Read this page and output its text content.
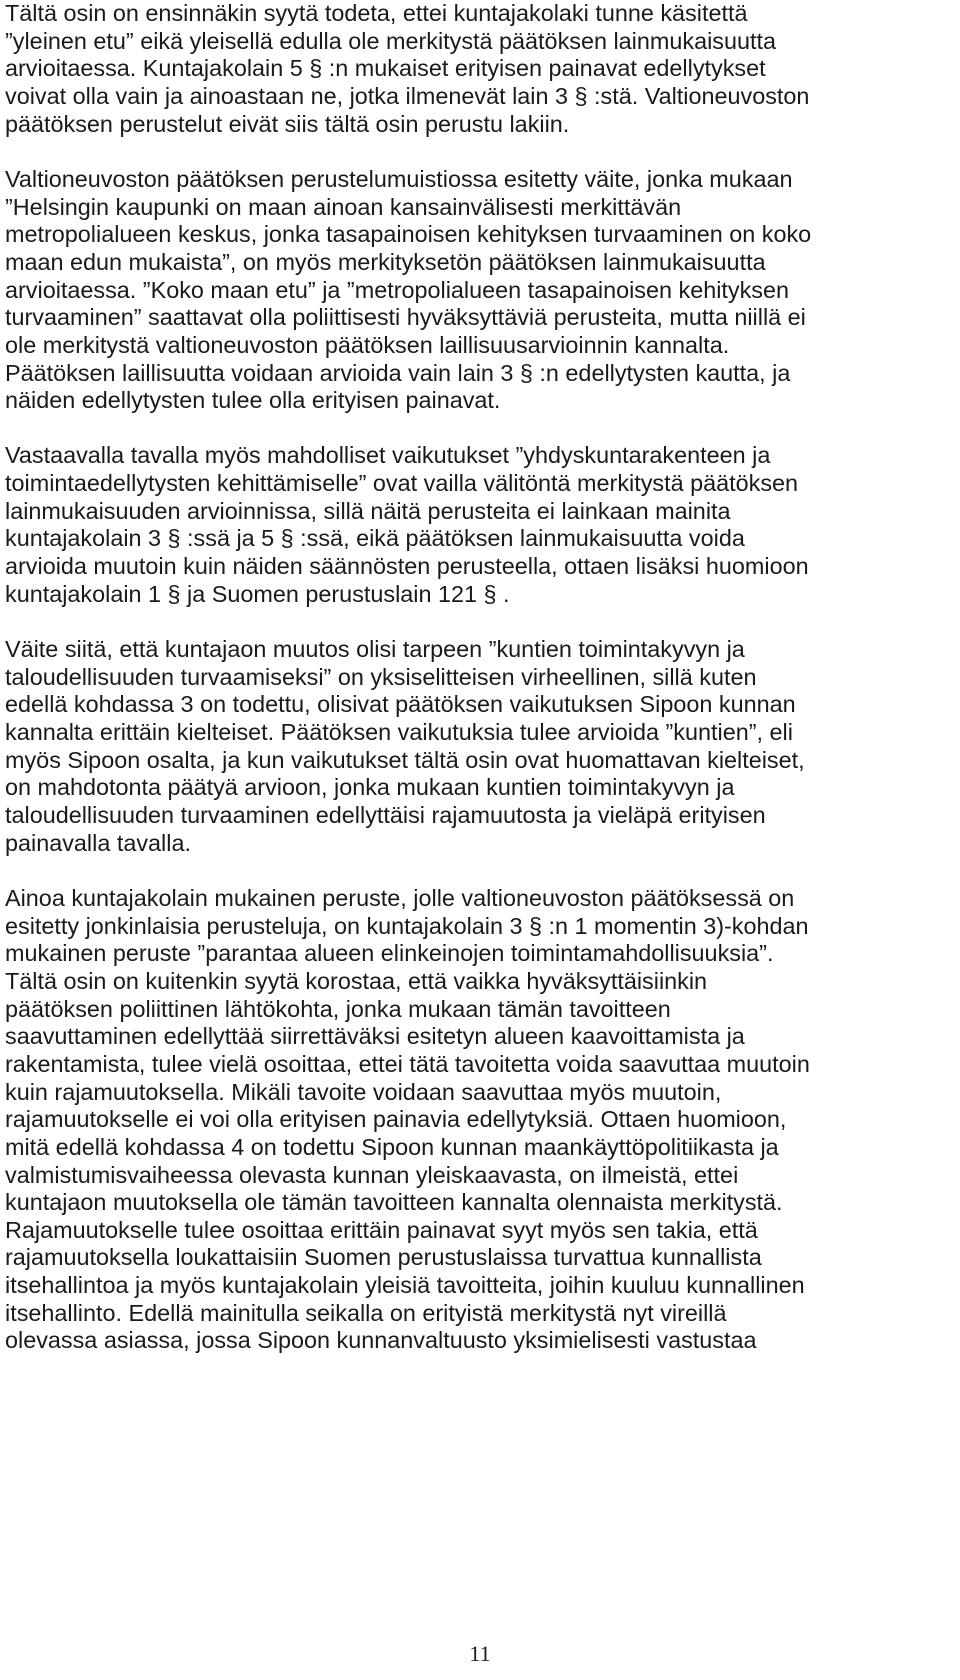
Tältä osin on ensinnäkin syytä todeta, ettei kuntajakolaki tunne käsitettä
”yleinen etu” eikä yleisellä edulla ole merkitystä päätöksen lainmukaisuutta
arvioitaessa. Kuntajakolain 5 § :n mukaiset erityisen painavat edellytykset
voivat olla vain ja ainoastaan ne, jotka ilmenevät lain 3 § :stä. Valtioneuvoston
päätöksen perustelut eivät siis tältä osin perustu lakiin.

Valtioneuvoston päätöksen perustelumuistiossa esitetty väite, jonka mukaan
”Helsingin kaupunki on maan ainoan kansainvälisesti merkittävän
metropolialueen keskus, jonka tasapainoisen kehityksen turvaaminen on koko
maan edun mukaista”, on myös merkityksetön päätöksen lainmukaisuutta
arvioitaessa. ”Koko maan etu” ja ”metropolialueen tasapainoisen kehityksen
turvaaminen” saattavat olla poliittisesti hyväksyttäviä perusteita, mutta niillä ei
ole merkitystä valtioneuvoston päätöksen laillisuusarvioinnin kannalta.
Päätöksen laillisuutta voidaan arvioida vain lain 3 § :n edellytysten kautta, ja
näiden edellytysten tulee olla erityisen painavat.

Vastaavalla tavalla myös mahdolliset vaikutukset ”yhdyskuntarakenteen ja
toimintaedellytysten kehittämiselle” ovat vailla välitöntä merkitystä päätöksen
lainmukaisuuden arvioinnissa, sillä näitä perusteita ei lainkaan mainita
kuntajakolain 3 § :ssä ja 5 § :ssä, eikä päätöksen lainmukaisuutta voida
arvioida muutoin kuin näiden säännösten perusteella, ottaen lisäksi huomioon
kuntajakolain 1 § ja Suomen perustuslain 121 § .

Väite siitä, että kuntajaon muutos olisi tarpeen ”kuntien toimintakyvyn ja
taloudellisuuden turvaamiseksi” on yksiselitteisen virheellinen, sillä kuten
edellä kohdassa 3 on todettu, olisivat päätöksen vaikutuksen Sipoon kunnan
kannalta erittäin kielteiset. Päätöksen vaikutuksia tulee arvioida ”kuntien”, eli
myös Sipoon osalta, ja kun vaikutukset tältä osin ovat huomattavan kielteiset,
on mahdotonta päätyä arvioon, jonka mukaan kuntien toimintakyvyn ja
taloudellisuuden turvaaminen edellyttäisi rajamuutosta ja vieläpä erityisen
painavalla tavalla.

Ainoa kuntajakolain mukainen peruste, jolle valtioneuvoston päätöksessä on
esitetty jonkinlaisia perusteluja, on kuntajakolain 3 § :n 1 momentin 3)-kohdan
mukainen peruste ”parantaa alueen elinkeinojen toimintamahdollisuuksia”.
Tältä osin on kuitenkin syytä korostaa, että vaikka hyväksyttäisiinkin
päätöksen poliittinen lähtökohta, jonka mukaan tämän tavoitteen
saavuttaminen edellyttää siirrettäväksi esitetyn alueen kaavoittamista ja
rakentamista, tulee vielä osoittaa, ettei tätä tavoitetta voida saavuttaa muutoin
kuin rajamuutoksella. Mikäli tavoite voidaan saavuttaa myös muutoin,
rajamuutokselle ei voi olla erityisen painavia edellytyksiä. Ottaen huomioon,
mitä edellä kohdassa 4 on todettu Sipoon kunnan maankäyttöpolitiikasta ja
valmistumisvaiheessa olevasta kunnan yleiskaavasta, on ilmeistä, ettei
kuntajaon muutoksella ole tämän tavoitteen kannalta olennaista merkitystä.
Rajamuutokselle tulee osoittaa erittäin painavat syyt myös sen takia, että
rajamuutoksella loukattaisiin Suomen perustuslaissa turvattua kunnallista
itsehallintoa ja myös kuntajakolain yleisiä tavoitteita, joihin kuuluu kunnallinen
itsehallinto. Edellä mainitulla seikalla on erityistä merkitystä nyt vireillä
olevassa asiassa, jossa Sipoon kunnanvaltuusto yksimielisesti vastustaa

11
